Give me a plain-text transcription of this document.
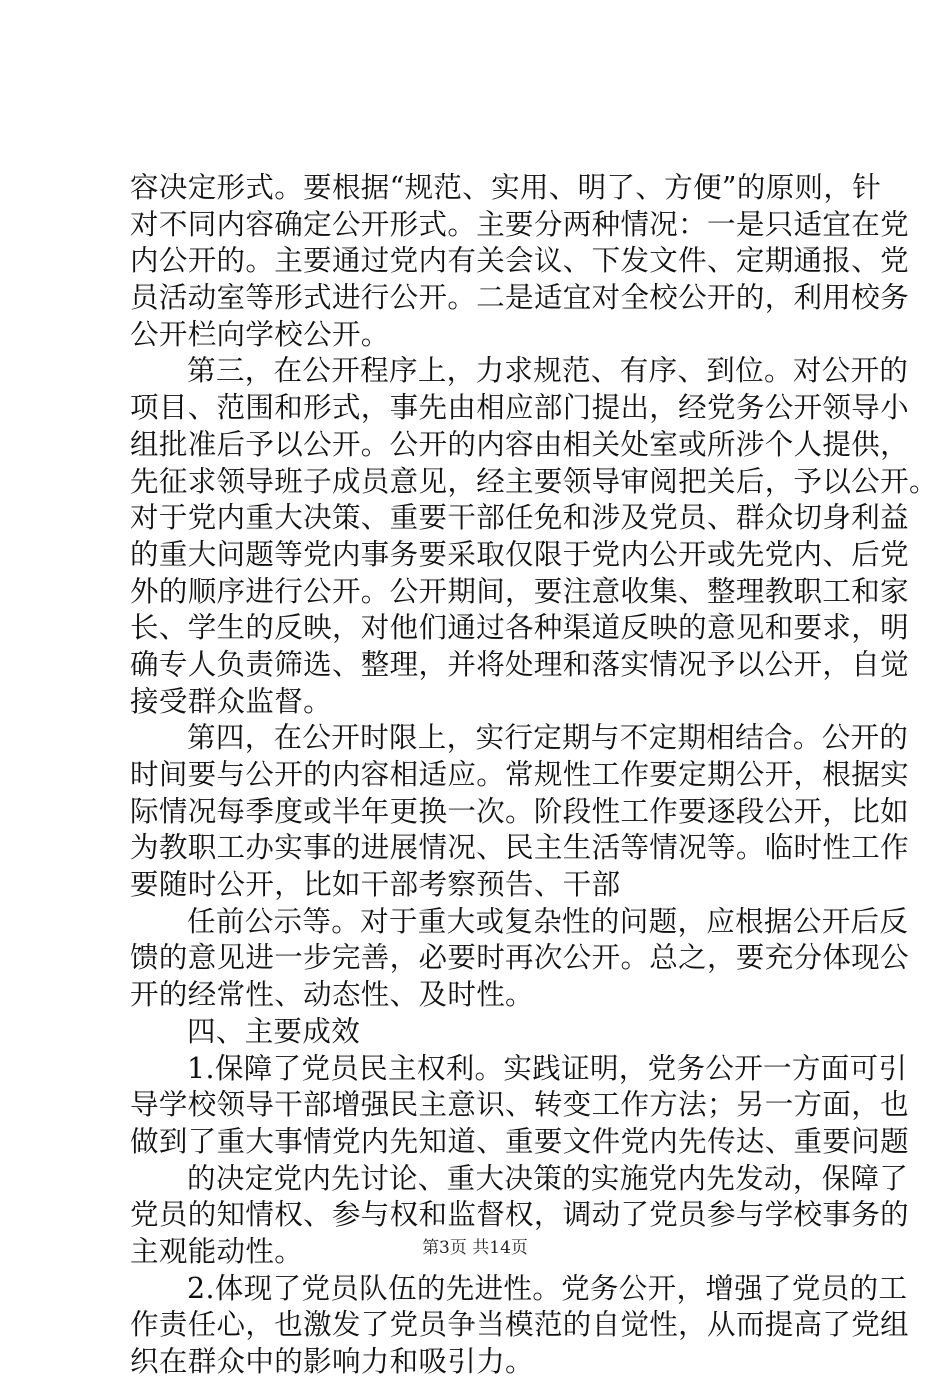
容决定形式。要根据“规范、实用、明了、方便”的原则，针
对不同内容确定公开形式。主要分两种情况：一是只适宜在党
内公开的。主要通过党内有关会议、下发文件、定期通报、党
员活动室等形式进行公开。二是适宜对全校公开的，利用校务
公开栏向学校公开。
第三，在公开程序上，力求规范、有序、到位。对公开的
项目、范围和形式，事先由相应部门提出，经党务公开领导小
组批准后予以公开。公开的内容由相关处室或所涉个人提供，
先征求领导班子成员意见，经主要领导审阅把关后，予以公开。
对于党内重大决策、重要干部任免和涉及党员、群众切身利益
的重大问题等党内事务要采取仅限于党内公开或先党内、后党
外的顺序进行公开。公开期间，要注意收集、整理教职工和家
长、学生的反映，对他们通过各种渠道反映的意见和要求，明
确专人负责筛选、整理，并将处理和落实情况予以公开，自觉
接受群众监督。
第四，在公开时限上，实行定期与不定期相结合。公开的
时间要与公开的内容相适应。常规性工作要定期公开，根据实
际情况每季度或半年更换一次。阶段性工作要逐段公开，比如
为教职工办实事的进展情况、民主生活等情况等。临时性工作
要随时公开，比如干部考察预告、干部
任前公示等。对于重大或复杂性的问题，应根据公开后反
馈的意见进一步完善，必要时再次公开。总之，要充分体现公
开的经常性、动态性、及时性。
四、主要成效
1.保障了党员民主权利。实践证明，党务公开一方面可引
导学校领导干部增强民主意识、转变工作方法；另一方面，也
做到了重大事情党内先知道、重要文件党内先传达、重要问题
的决定党内先讨论、重大决策的实施党内先发动，保障了
党员的知情权、参与权和监督权，调动了党员参与学校事务的
主观能动性。
2.体现了党员队伍的先进性。党务公开，增强了党员的工
作责任心，也激发了党员争当模范的自觉性，从而提高了党组
织在群众中的影响力和吸引力。
第3页 共14页
